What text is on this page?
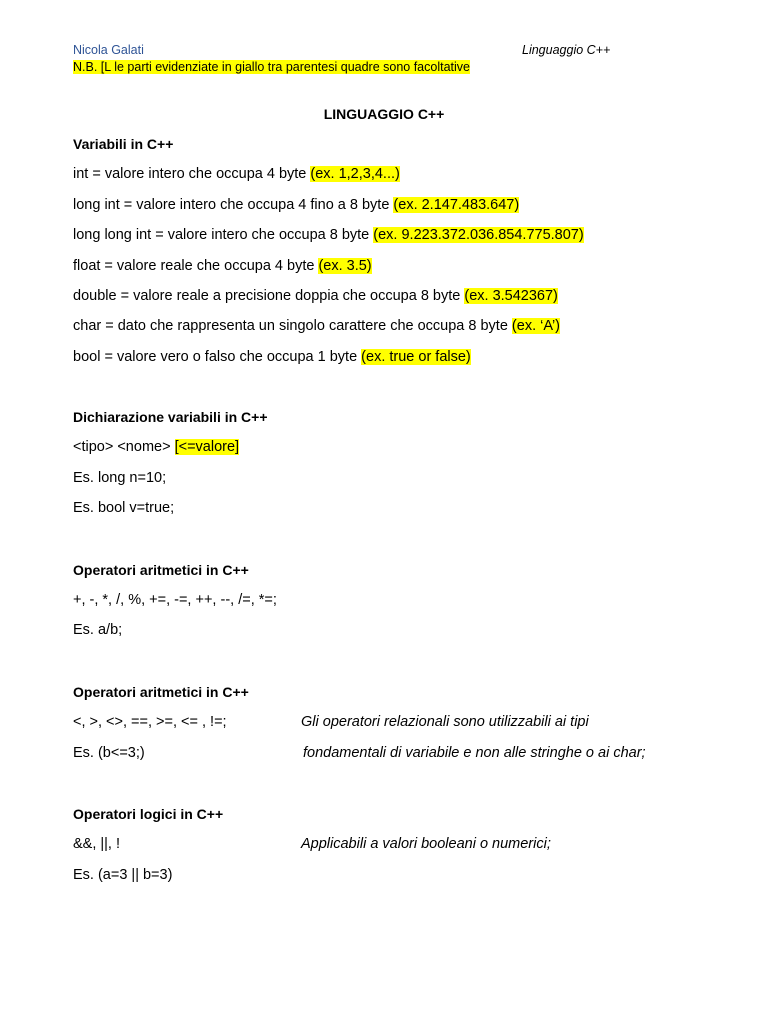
Nicola Galati	Linguaggio C++
N.B. [L le parti evidenziate in giallo tra parentesi quadre sono facoltative
LINGUAGGIO C++
Variabili in C++
int = valore intero che occupa 4 byte (ex. 1,2,3,4...)
long int = valore intero che occupa 4 fino a 8 byte (ex. 2.147.483.647)
long long int = valore intero che occupa 8 byte (ex. 9.223.372.036.854.775.807)
float = valore reale che occupa 4 byte (ex. 3.5)
double = valore reale a precisione doppia che occupa 8 byte (ex. 3.542367)
char = dato che rappresenta un singolo carattere che occupa 8 byte (ex. ‘A’)
bool = valore vero o falso che occupa 1 byte (ex. true or false)
Dichiarazione variabili in C++
<tipo> <nome> [<=valore]
Es. long n=10;
Es. bool v=true;
Operatori aritmetici in C++
+, -, *, /, %, +=, -=, ++, --, /=, *=;
Es. a/b;
Operatori aritmetici in C++
<, >, <>, ==, >=, <= , !=;	Gli operatori relazionali sono utilizzabili ai tipi
Es. (b<=3;)	fondamentali di variabile e non alle stringhe o ai char;
Operatori logici in C++
&&, ||, !	Applicabili a valori booleani o numerici;
Es. (a=3 || b=3)
